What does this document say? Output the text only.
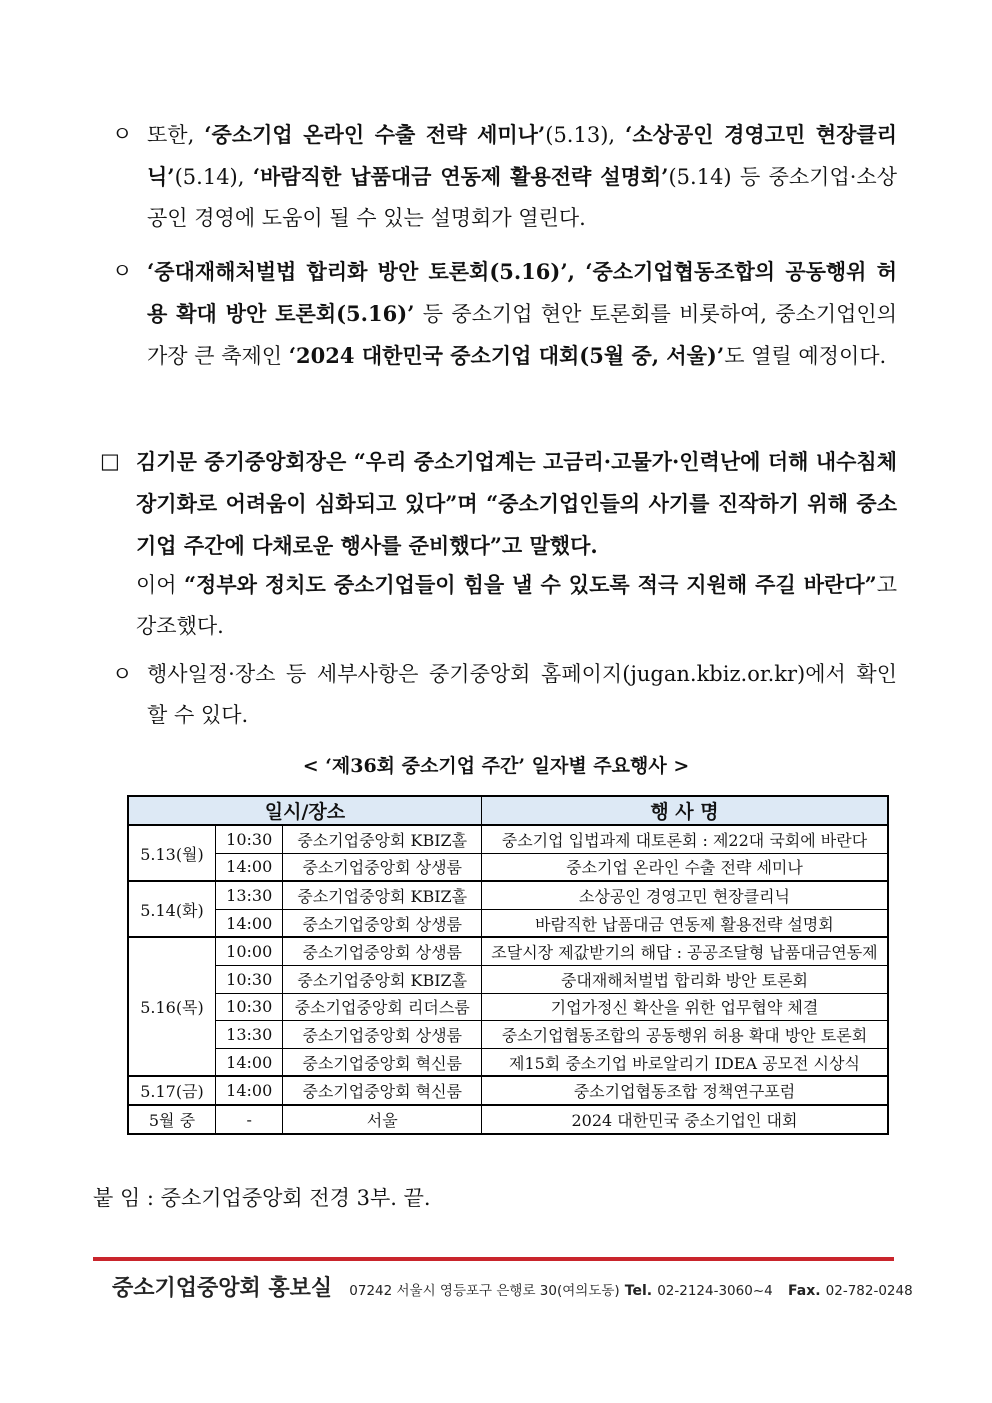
ㅇ 또한, ‘중소기업 온라인 수출 전략 세미나’(5.13), ‘소상공인 경영고민 현장클리닉’(5.14), ‘바람직한 납품대금 연동제 활용전략 설명회’(5.14) 등 중소기업·소상공인 경영에 도움이 될 수 있는 설명회가 열린다.
ㅇ ‘중대재해처벌법 합리화 방안 토론회(5.16)’, ‘중소기업협동조합의 공동행위 허용 확대 방안 토론회(5.16)’ 등 중소기업 현안 토론회를 비롯하여, 중소기업인의 가장 큰 축제인 ‘2024 대한민국 중소기업 대회(5월 중, 서울)’도 열릴 예정이다.
□ 김기문 중기중앙회장은 “우리 중소기업계는 고금리·고물가·인력난에 더해 내수침체 장기화로 어려움이 심화되고 있다”며 “중소기업인들의 사기를 진작하기 위해 중소기업 주간에 다채로운 행사를 준비했다”고 말했다.
이어 “정부와 정치도 중소기업들이 힘을 낼 수 있도록 적극 지원해 주길 바란다”고 강조했다.
ㅇ 행사일정·장소 등 세부사항은 중기중앙회 홈페이지(jugan.kbiz.or.kr)에서 확인할 수 있다.
< ‘제36회 중소기업 주간’ 일자별 주요행사 >
일시/장소			행 사 명
5.13(월)	10:30	중소기업중앙회 KBIZ홀	중소기업 입법과제 대토론회 : 제22대 국회에 바란다
	14:00	중소기업중앙회 상생룸	중소기업 온라인 수출 전략 세미나
5.14(화)	13:30	중소기업중앙회 KBIZ홀	소상공인 경영고민 현장클리닉
	14:00	중소기업중앙회 상생룸	바람직한 납품대금 연동제 활용전략 설명회
5.16(목)	10:00	중소기업중앙회 상생룸	조달시장 제값받기의 해답 : 공공조달형 납품대금연동제
	10:30	중소기업중앙회 KBIZ홀	중대재해처벌법 합리화 방안 토론회
	10:30	중소기업중앙회 리더스룸	기업가정신 확산을 위한 업무협약 체결
	13:30	중소기업중앙회 상생룸	중소기업협동조합의 공동행위 허용 확대 방안 토론회
	14:00	중소기업중앙회 혁신룸	제15회 중소기업 바로알리기 IDEA 공모전 시상식
5.17(금)	14:00	중소기업중앙회 혁신룸	중소기업협동조합 정책연구포럼
5월 중	-	서울	2024 대한민국 중소기업인 대회
붙 임 : 중소기업중앙회 전경 3부. 끝.
중소기업중앙회 홍보실 07242 서울시 영등포구 은행로 30(여의도동) Tel. 02-2124-3060~4 Fax. 02-782-0248
